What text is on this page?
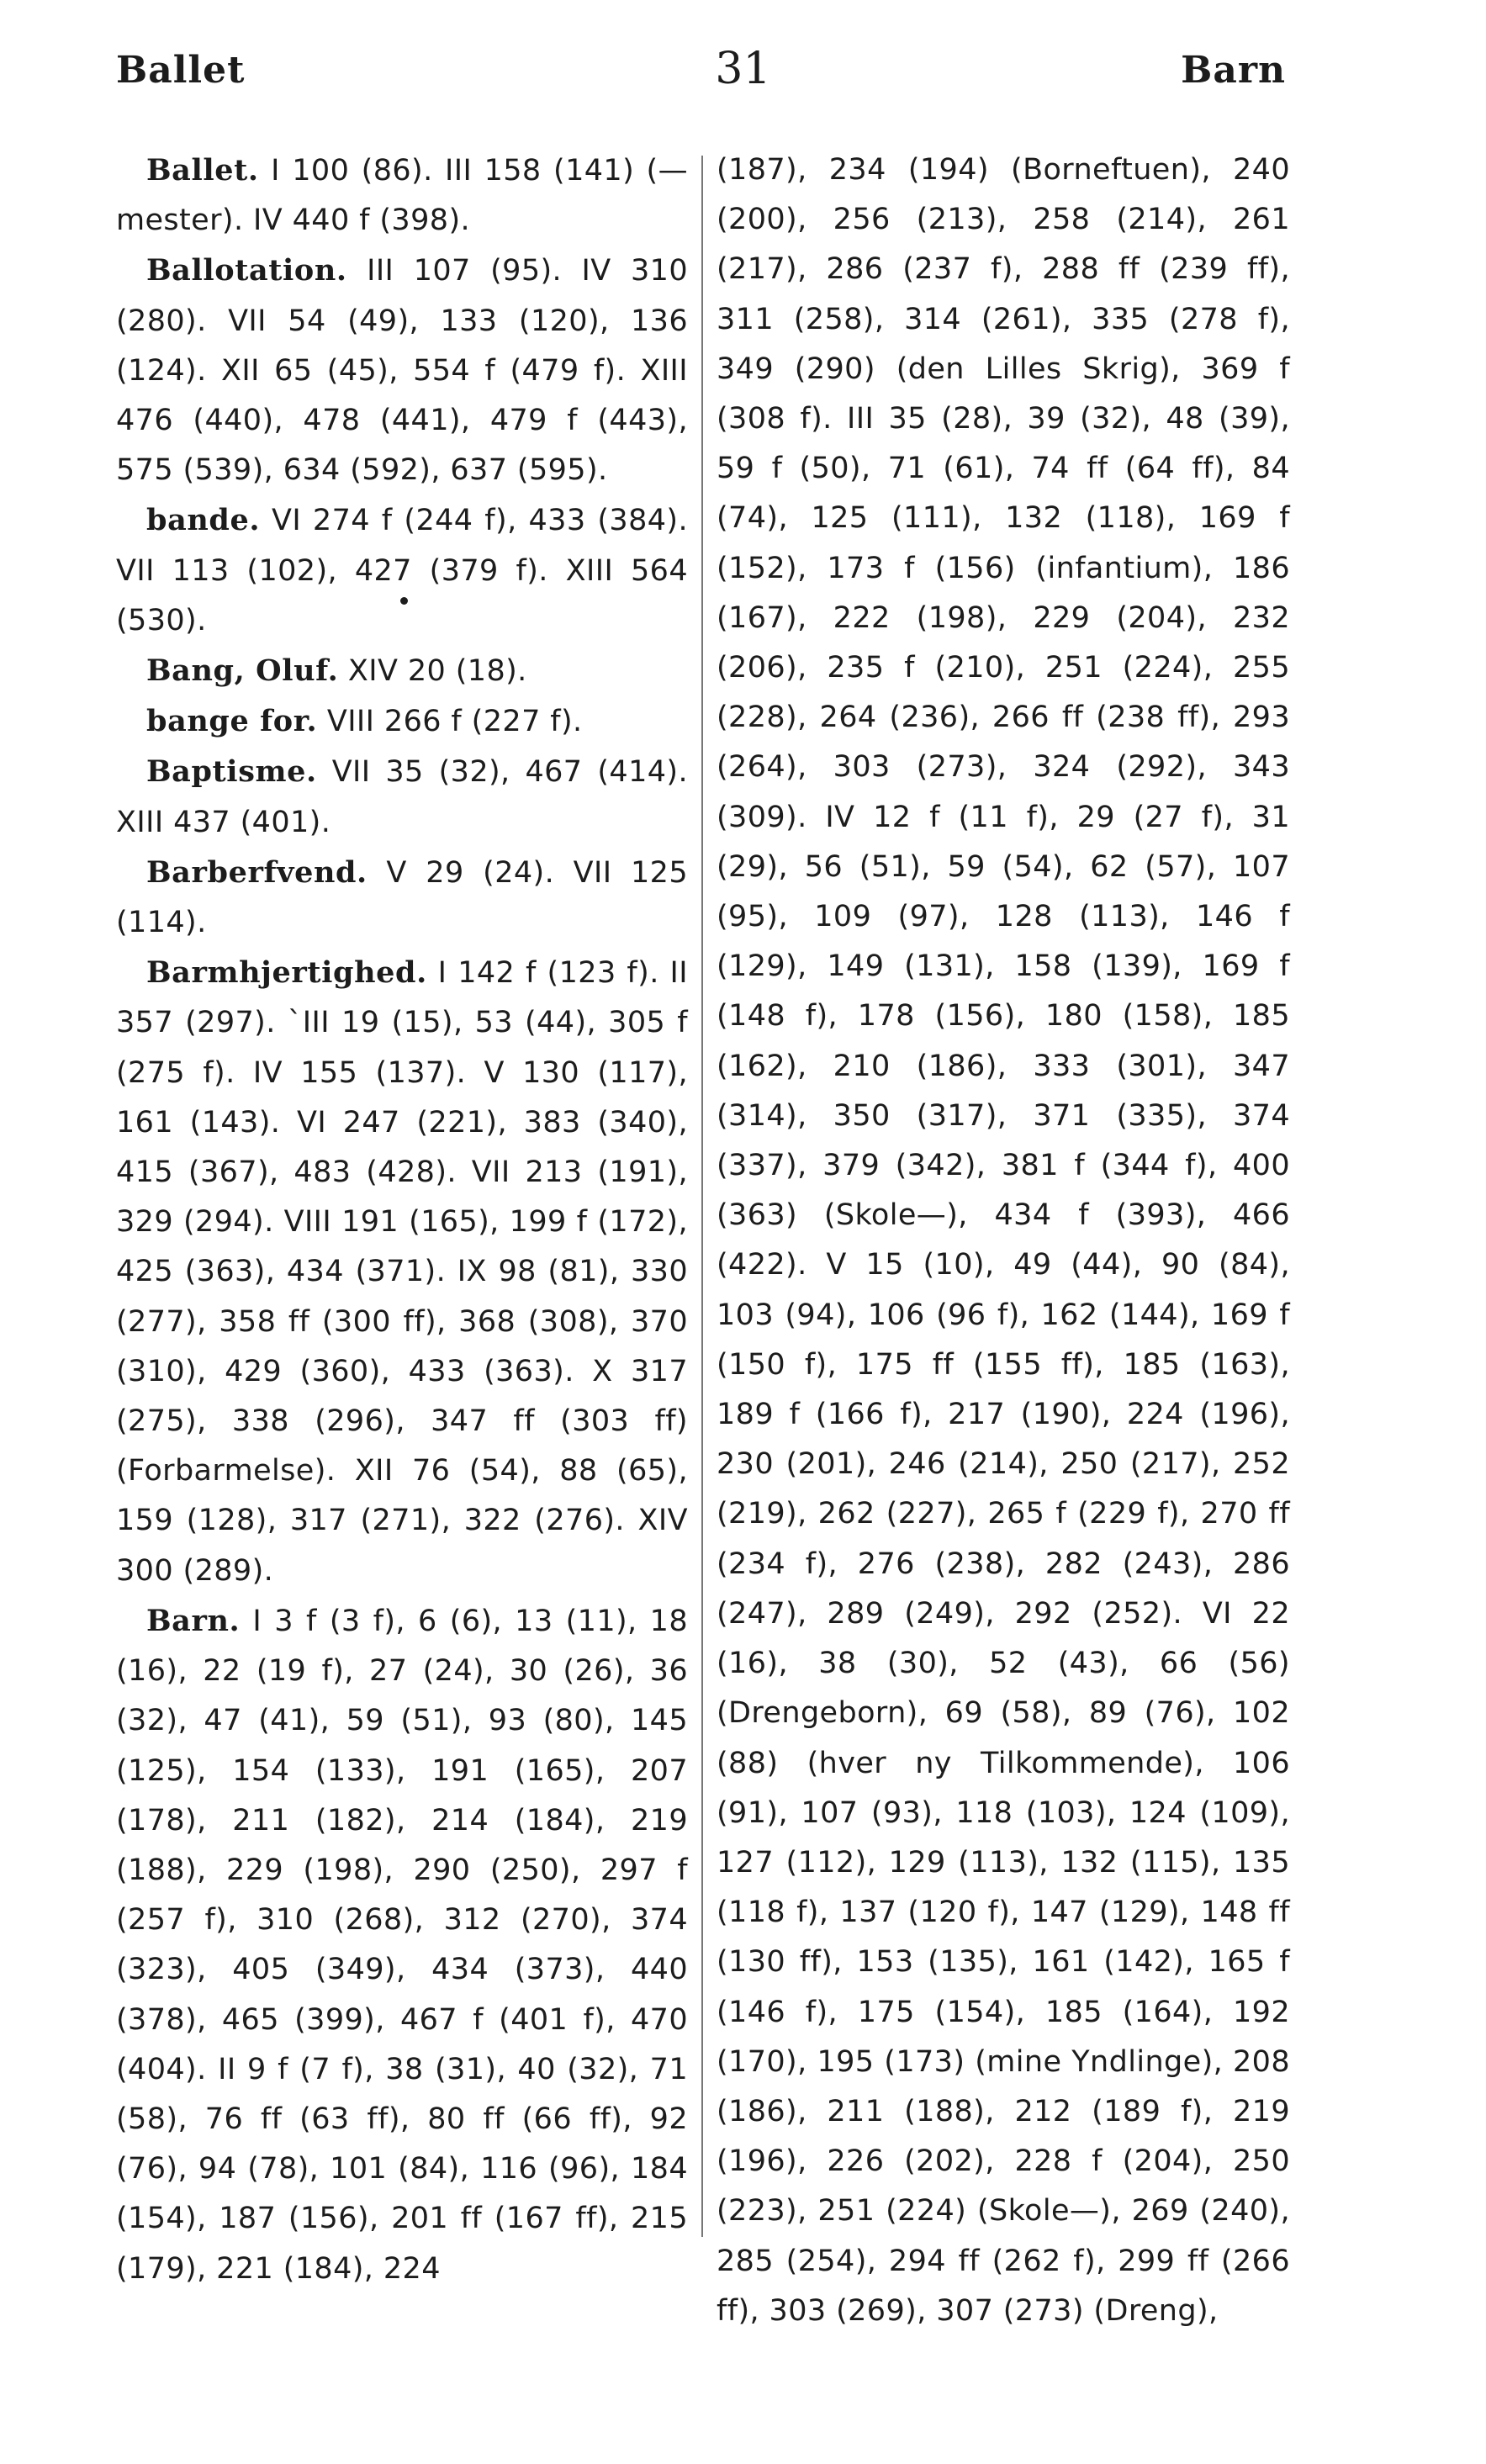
Ballet	31	Barn

Ballet. I 100 (86). III 158 (141) (—mester). IV 440 f (398).

Ballotation. III 107 (95). IV 310 (280). VII 54 (49), 133 (120), 136 (124). XII 65 (45), 554 f (479 f). XIII 476 (440), 478 (441), 479 f (443), 575 (539), 634 (592), 637 (595).

bande. VI 274 f (244 f), 433 (384). VII 113 (102), 427 (379 f). XIII 564 (530).

Bang, Oluf. XIV 20 (18).

bange for. VIII 266 f (227 f).

Baptisme. VII 35 (32), 467 (414). XIII 437 (401).

Barberfvend. V 29 (24). VII 125 (114).

Barmhjertighed. I 142 f (123 f). II 357 (297). `III 19 (15), 53 (44), 305 f (275 f). IV 155 (137). V 130 (117), 161 (143). VI 247 (221), 383 (340), 415 (367), 483 (428). VII 213 (191), 329 (294). VIII 191 (165), 199 f (172), 425 (363), 434 (371). IX 98 (81), 330 (277), 358 ff (300 ff), 368 (308), 370 (310), 429 (360), 433 (363). X 317 (275), 338 (296), 347 ff (303 ff) (Forbarmelse). XII 76 (54), 88 (65), 159 (128), 317 (271), 322 (276). XIV 300 (289).

Barn. I 3 f (3 f), 6 (6), 13 (11), 18 (16), 22 (19 f), 27 (24), 30 (26), 36 (32), 47 (41), 59 (51), 93 (80), 145 (125), 154 (133), 191 (165), 207 (178), 211 (182), 214 (184), 219 (188), 229 (198), 290 (250), 297 f (257 f), 310 (268), 312 (270), 374 (323), 405 (349), 434 (373), 440 (378), 465 (399), 467 f (401 f), 470 (404). II 9 f (7 f), 38 (31), 40 (32), 71 (58), 76 ff (63 ff), 80 ff (66 ff), 92 (76), 94 (78), 101 (84), 116 (96), 184 (154), 187 (156), 201 ff (167 ff), 215 (179), 221 (184), 224

(187), 234 (194) (Borneftuen), 240 (200), 256 (213), 258 (214), 261 (217), 286 (237 f), 288 ff (239 ff), 311 (258), 314 (261), 335 (278 f), 349 (290) (den Lilles Skrig), 369 f (308 f). III 35 (28), 39 (32), 48 (39), 59 f (50), 71 (61), 74 ff (64 ff), 84 (74), 125 (111), 132 (118), 169 f (152), 173 f (156) (infantium), 186 (167), 222 (198), 229 (204), 232 (206), 235 f (210), 251 (224), 255 (228), 264 (236), 266 ff (238 ff), 293 (264), 303 (273), 324 (292), 343 (309). IV 12 f (11 f), 29 (27 f), 31 (29), 56 (51), 59 (54), 62 (57), 107 (95), 109 (97), 128 (113), 146 f (129), 149 (131), 158 (139), 169 f (148 f), 178 (156), 180 (158), 185 (162), 210 (186), 333 (301), 347 (314), 350 (317), 371 (335), 374 (337), 379 (342), 381 f (344 f), 400 (363) (Skole—), 434 f (393), 466 (422). V 15 (10), 49 (44), 90 (84), 103 (94), 106 (96 f), 162 (144), 169 f (150 f), 175 ff (155 ff), 185 (163), 189 f (166 f), 217 (190), 224 (196), 230 (201), 246 (214), 250 (217), 252 (219), 262 (227), 265 f (229 f), 270 ff (234 f), 276 (238), 282 (243), 286 (247), 289 (249), 292 (252). VI 22 (16), 38 (30), 52 (43), 66 (56) (Drengeborn), 69 (58), 89 (76), 102 (88) (hver ny Tilkommende), 106 (91), 107 (93), 118 (103), 124 (109), 127 (112), 129 (113), 132 (115), 135 (118 f), 137 (120 f), 147 (129), 148 ff (130 ff), 153 (135), 161 (142), 165 f (146 f), 175 (154), 185 (164), 192 (170), 195 (173) (mine Yndlinge), 208 (186), 211 (188), 212 (189 f), 219 (196), 226 (202), 228 f (204), 250 (223), 251 (224) (Skole—), 269 (240), 285 (254), 294 ff (262 f), 299 ff (266 ff), 303 (269), 307 (273) (Dreng),
